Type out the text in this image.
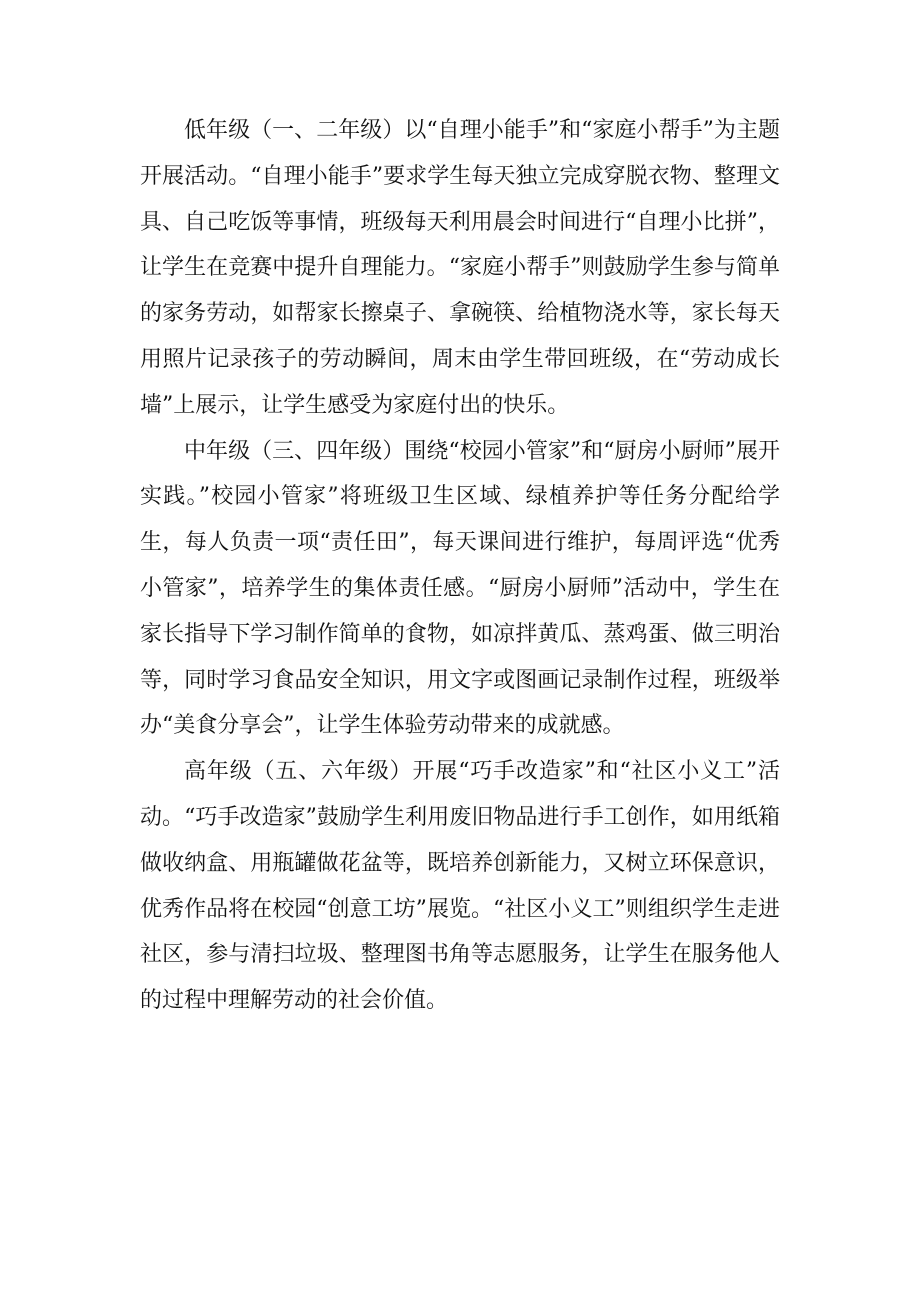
低年级（一、二年级）以“自理小能手”和“家庭小帮手”为主题开展活动。“自理小能手”要求学生每天独立完成穿脱衣物、整理文具、自己吃饭等事情，班级每天利用晨会时间进行“自理小比拼”，让学生在竞赛中提升自理能力。“家庭小帮手”则鼓励学生参与简单的家务劳动，如帮家长擦桌子、拿碗筷、给植物浇水等，家长每天用照片记录孩子的劳动瞬间，周末由学生带回班级，在“劳动成长墙”上展示，让学生感受为家庭付出的快乐。

中年级（三、四年级）围绕“校园小管家”和“厨房小厨师”展开实践。”校园小管家”将班级卫生区域、绿植养护等任务分配给学生，每人负责一项“责任田”，每天课间进行维护，每周评选“优秀小管家”，培养学生的集体责任感。“厨房小厨师”活动中，学生在家长指导下学习制作简单的食物，如凉拌黄瓜、蒸鸡蛋、做三明治等，同时学习食品安全知识，用文字或图画记录制作过程，班级举办“美食分享会”，让学生体验劳动带来的成就感。

高年级（五、六年级）开展“巧手改造家”和“社区小义工”活动。“巧手改造家”鼓励学生利用废旧物品进行手工创作，如用纸箱做收纳盒、用瓶罐做花盆等，既培养创新能力，又树立环保意识，优秀作品将在校园“创意工坊”展览。“社区小义工”则组织学生走进社区，参与清扫垃圾、整理图书角等志愿服务，让学生在服务他人的过程中理解劳动的社会价值。
